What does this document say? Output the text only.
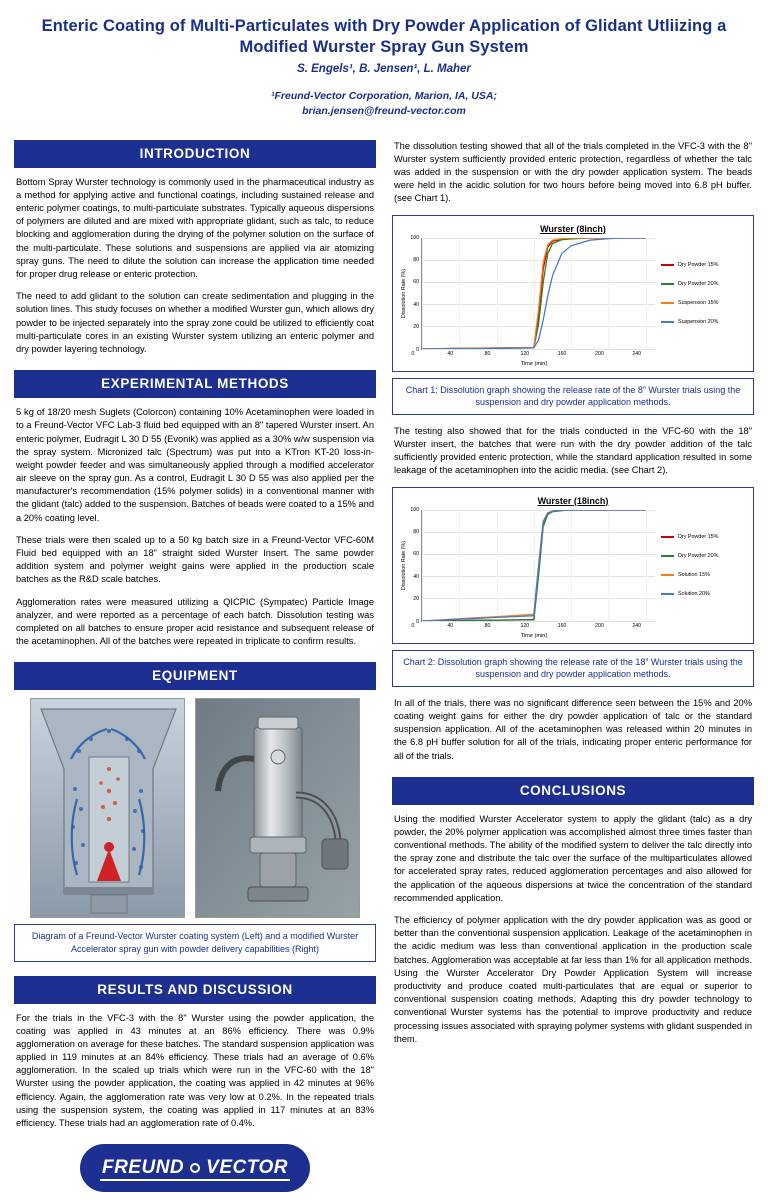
Enteric Coating of Multi-Particulates with Dry Powder Application of Glidant Utliizing a Modified Wurster Spray Gun System
S. Engels¹, B. Jensen¹, L. Maher
¹Freund-Vector Corporation, Marion, IA, USA;
brian.jensen@freund-vector.com
INTRODUCTION

Bottom Spray Wurster technology is commonly used in the pharmaceutical industry as a method for applying active and functional coatings, including sustained release and enteric polymer coatings, to multi-particulate substrates. Typically aqueous dispersions of polymers are diluted and are mixed with appropriate glidant, such as talc, to reduce blocking and agglomeration during the drying of the polymer solution on the surface of the multi-particulate. These solutions and suspensions are applied via air atomizing spray guns. The need to dilute the solution can increase the application time needed for proper drug release or enteric protection.

The need to add glidant to the solution can create sedimentation and plugging in the solution lines. This study focuses on whether a modified Wurster gun, which allows dry powder to be injected separately into the spray zone could be utilized to efficiently coat multi-particulate cores in an existing Wurster system utilizing an enteric polymer and dry powder layering technology.

EXPERIMENTAL METHODS

5 kg of 18/20 mesh Suglets (Colorcon) containing 10% Acetaminophen were loaded in to a Freund-Vector VFC Lab-3 fluid bed equipped with an 8" tapered Wurster insert. An enteric polymer, Eudragit L 30 D 55 (Evonik) was applied as a 30% w/w suspension via the spray system. Micronized talc (Spectrum) was put into a KTron KT-20 loss-in-weight powder feeder and was simultaneously applied through a modified accelerator air sleeve on the spray gun. As a control, Eudragit L 30 D 55 was also applied per the manufacturer's recommendation (15% polymer solids) in a conventional manner with the glidant (talc) added to the suspension. Batches of beads were coated to a 15% and a 20% coating level.

These trials were then scaled up to a 50 kg batch size in a Freund-Vector VFC-60M Fluid bed equipped with an 18" straight sided Wurster Insert. The same powder addition system and polymer weight gains were applied in the production scale batches as the R&D scale batches.

Agglomeration rates were measured utilizing a QICPIC (Sympatec) Particle Image analyzer, and were reported as a percentage of each batch. Dissolution testing was completed on all batches to ensure proper acid resistance and subsequent release of the acetaminophen. All of the batches were repeated in triplicate to confirm results.

EQUIPMENT
Diagram of a Freund-Vector Wurster coating system (Left) and a modified Wurster Accelerator spray gun with powder delivery capabilities (Right)
RESULTS AND DISCUSSION

For the trials in the VFC-3 with the 8" Wurster using the powder application, the coating was applied in 43 minutes at an 86% efficiency. There was 0.9% agglomeration on average for these batches. The standard suspension application was applied in 119 minutes at an 84% efficiency. These trials had an average of 0.6% agglomeration. In the scaled up trials which were run in the VFC-60 with the 18" Wurster using the powder application, the coating was applied in 42 minutes at 96% efficiency. Again, the agglomeration rate was very low at 0.2%. In the repeated trials using the suspension system, the coating was applied in 117 minutes at an 83% efficiency. These trials had an agglomeration rate of 0.4%.

FREUND VECTOR

The dissolution testing showed that all of the trials completed in the VFC-3 with the 8" Wurster system sufficiently provided enteric protection, regardless of whether the talc was added in the suspension or with the dry powder application system. The beads were held in the acidic solution for two hours before being moved into 6.8 pH buffer. (see Chart 1).

Wurster (8inch)
Dissolution Rate (%)
100
80
60
40
20
0
Dry Powder 15%
Dry Powder 20%
Suspension 15%
Suspension 20%
0	40	80	120	160	200	240
Time (min)
Chart 1: Dissolution graph showing the release rate of the 8” Wurster trials using the suspension and dry powder application methods.

The testing also showed that for the trials conducted in the VFC-60 with the 18" Wurster insert, the batches that were run with the dry powder addition of the talc sufficiently provided enteric protection, while the standard application resulted in some leakage of the acetaminophen into the acidic media. (see Chart 2).

Wurster (18inch)
Dissolution Rate (%)
100
80
60
40
20
0
Dry Powder 15%
Dry Powder 20%
Solution 15%
Solution 20%
0	40	80	120	160	200	240
Time (min)
Chart 2: Dissolution graph showing the release rate of the 18” Wurster trials using the suspension and dry powder application methods.

In all of the trials, there was no significant difference seen between the 15% and 20% coating weight gains for either the dry powder application of talc or the standard suspension application. All of the acetaminophen was released within 20 minutes in the 6.8 pH buffer solution for all of the trials, indicating proper enteric performance for all of the trials.

CONCLUSIONS

Using the modified Wurster Accelerator system to apply the glidant (talc) as a dry powder, the 20% polymer application was accomplished almost three times faster than conventional methods. The ability of the modified system to deliver the talc directly into the spray zone and distribute the talc over the surface of the multiparticulates allowed for accelerated spray rates, reduced agglomeration percentages and also allowed for the application of the aqueous dispersions at twice the concentration of the standard recommended application.

The efficiency of polymer application with the dry powder application was as good or better than the conventional suspension application. Leakage of the acetaminophen in the acidic medium was less than conventional application in the production scale batches. Agglomeration was acceptable at far less than 1% for all application methods. Using the Wurster Accelerator Dry Powder Application System will increase productivity and produce coated multi-particulates that are equal or superior to conventional suspension coating methods. Adapting this dry powder technology to conventional Wurster systems has the potential to improve productivity and reduce processing issues associated with spraying polymer systems with glidant suspended in them.
